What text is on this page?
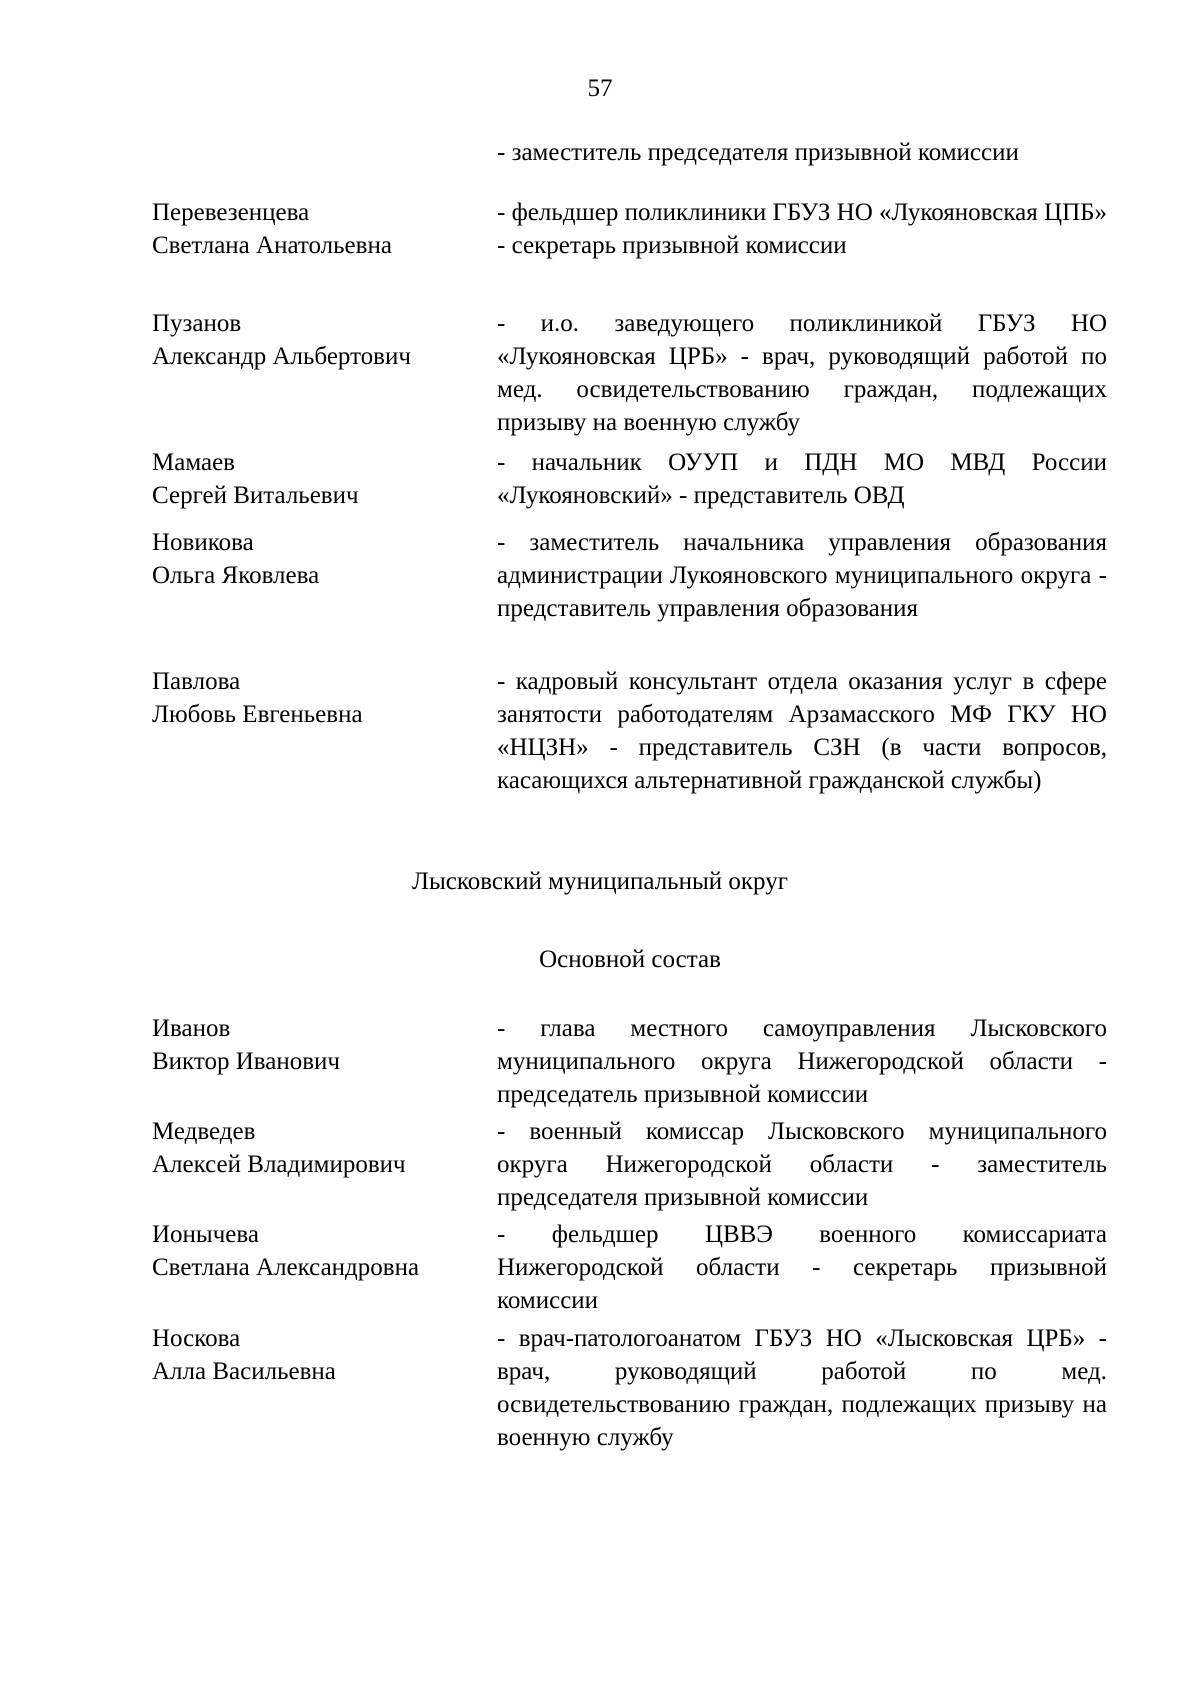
57
- заместитель председателя призывной комиссии
Перевезенцева
Светлана Анатольевна
- фельдшер поликлиники ГБУЗ НО «Лукояновская ЦПБ» - секретарь призывной комиссии
Пузанов
Александр Альбертович
- и.о. заведующего поликлиникой ГБУЗ НО «Лукояновская ЦРБ» - врач, руководящий работой по мед. освидетельствованию граждан, подлежащих призыву на военную службу
Мамаев
Сергей Витальевич
- начальник ОУУП и ПДН МО МВД России «Лукояновский» - представитель ОВД
Новикова
Ольга Яковлева
- заместитель начальника управления образования администрации Лукояновского муниципального округа - представитель управления образования
Павлова
Любовь Евгеньевна
- кадровый консультант отдела оказания услуг в сфере занятости работодателям Арзамасского МФ ГКУ НО «НЦЗН» - представитель СЗН (в части вопросов, касающихся альтернативной гражданской службы)
Лысковский муниципальный округ
Основной состав
Иванов
Виктор Иванович
- глава местного самоуправления Лысковского муниципального округа Нижегородской области - председатель призывной комиссии
Медведев
Алексей Владимирович
- военный комиссар Лысковского муниципального округа Нижегородской области - заместитель председателя призывной комиссии
Ионычева
Светлана Александровна
- фельдшер ЦВВЭ военного комиссариата Нижегородской области - секретарь призывной комиссии
Носкова
Алла Васильевна
- врач-патологоанатом ГБУЗ НО «Лысковская ЦРБ» - врач, руководящий работой по мед. освидетельствованию граждан, подлежащих призыву на военную службу
